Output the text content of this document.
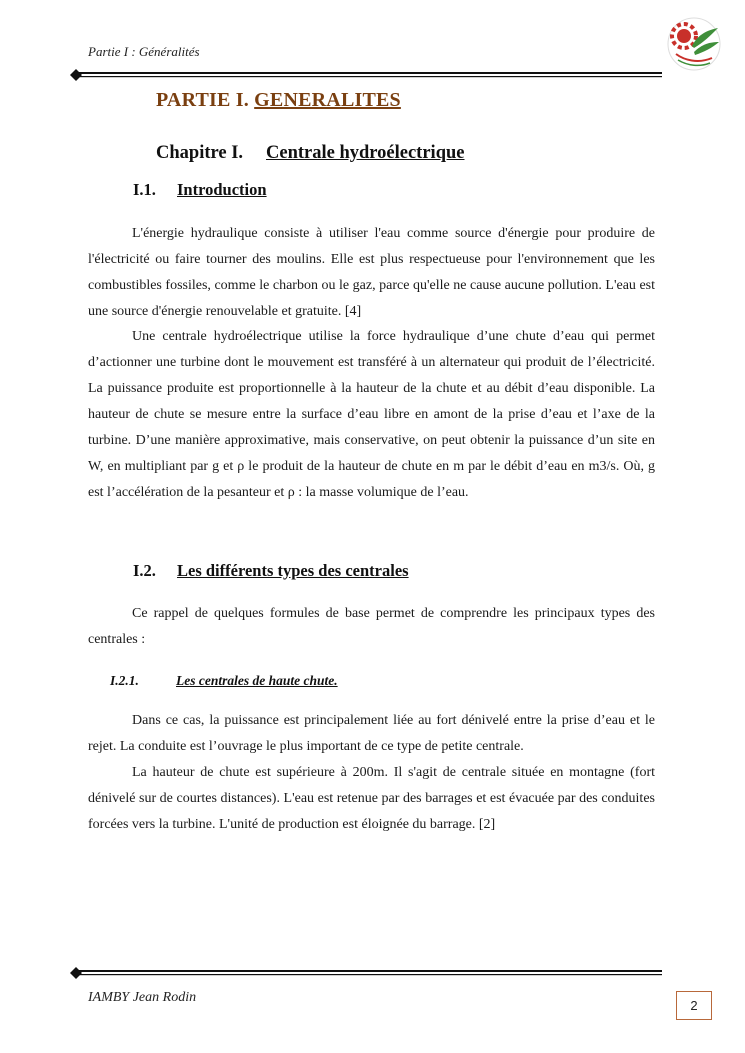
Partie I : Généralités
PARTIE I. GENERALITES
Chapitre I. Centrale hydroélectrique
I.1. Introduction

L'énergie hydraulique consiste à utiliser l'eau comme source d'énergie pour produire de l'électricité ou faire tourner des moulins. Elle est plus respectueuse pour l'environnement que les combustibles fossiles, comme le charbon ou le gaz, parce qu'elle ne cause aucune pollution. L'eau est une source d'énergie renouvelable et gratuite. [4]

Une centrale hydroélectrique utilise la force hydraulique d’une chute d’eau qui permet d’actionner une turbine dont le mouvement est transféré à un alternateur qui produit de l’électricité. La puissance produite est proportionnelle à la hauteur de la chute et au débit d’eau disponible. La hauteur de chute se mesure entre la surface d’eau libre en amont de la prise d’eau et l’axe de la turbine. D’une manière approximative, mais conservative, on peut obtenir la puissance d’un site en W, en multipliant par g et ρ le produit de la hauteur de chute en m par le débit d’eau en m3/s. Où, g est l’accélération de la pesanteur et ρ : la masse volumique de l’eau.

I.2. Les différents types des centrales

Ce rappel de quelques formules de base permet de comprendre les principaux types des centrales :

I.2.1.	Les centrales de haute chute.

Dans ce cas, la puissance est principalement liée au fort dénivelé entre la prise d’eau et le rejet. La conduite est l’ouvrage le plus important de ce type de petite centrale.

La hauteur de chute est supérieure à 200m. Il s'agit de centrale située en montagne (fort dénivelé sur de courtes distances). L'eau est retenue par des barrages et est évacuée par des conduites forcées vers la turbine. L'unité de production est éloignée du barrage. [2]

IAMBY Jean Rodin
2
